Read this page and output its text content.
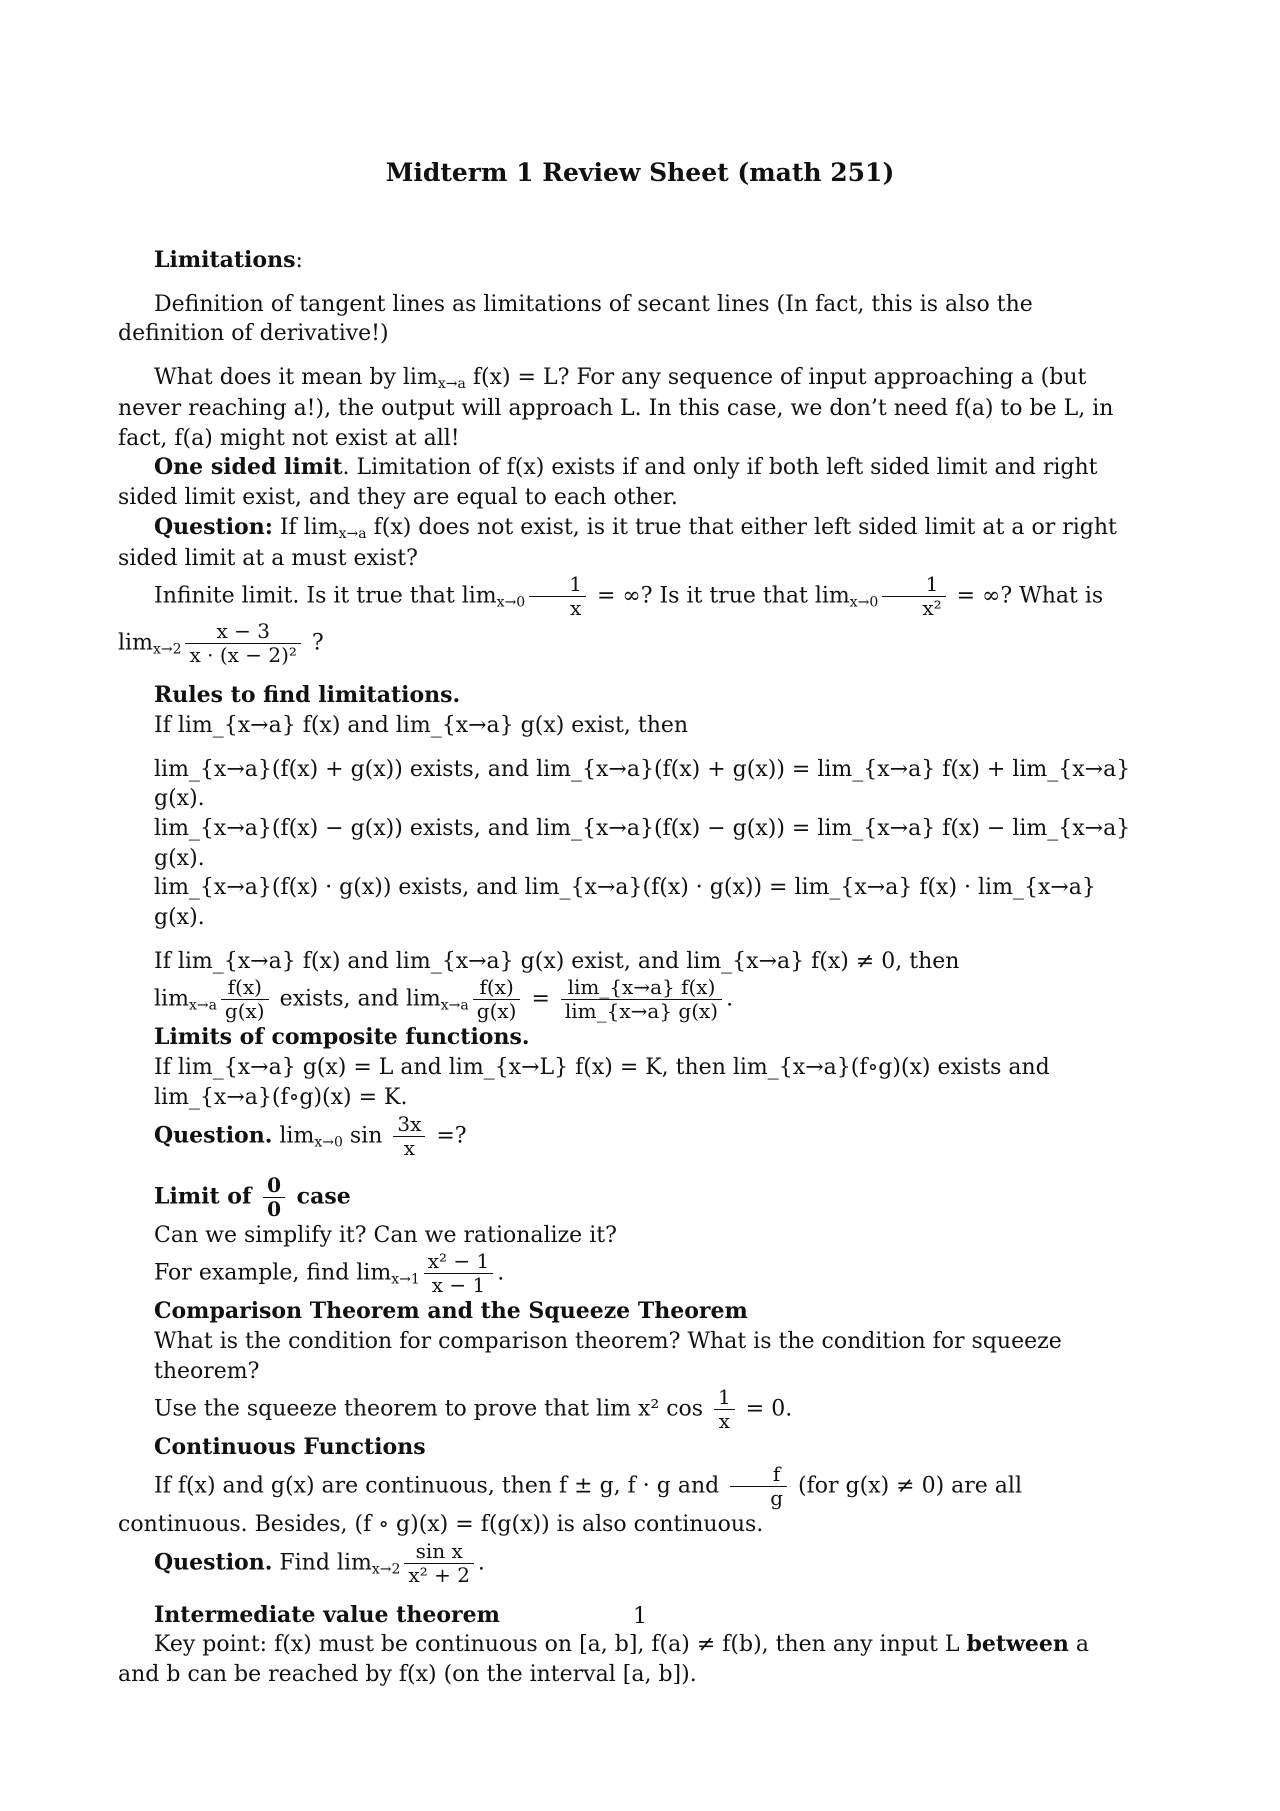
Midterm 1 Review Sheet (math 251)

Limitations:

Definition of tangent lines as limitations of secant lines (In fact, this is also the definition of derivative!)

What does it mean by $\lim_{x\to a} f(x) = L$? For any sequence of input approaching a (but never reaching a!), the output will approach L. In this case, we don’t need f(a) to be L, in fact, f(a) might not exist at all!

One sided limit. Limitation of f(x) exists if and only if both left sided limit and right sided limit exist, and they are equal to each other.

Question: If $\lim_{x\to a} f(x)$ does not exist, is it true that either left sided limit at a or right sided limit at a must exist?

Infinite limit. Is it true that $\lim_{x\to 0} \frac{1}{x}$ = ∞? Is it true that $\lim_{x\to 0} \frac{1}{\text{x²}}$ = ∞? What is

$\lim_{x\to 2} \frac{x - 3}{\text{x · (x − 2)²}}$ ?

Rules to find limitations.

If lim_{x→a} f(x) and lim_{x→a} g(x) exist, then

lim_{x→a}(f(x) + g(x)) exists, and lim_{x→a}(f(x) + g(x)) = lim_{x→a} f(x) + lim_{x→a} g(x).

lim_{x→a}(f(x) − g(x)) exists, and lim_{x→a}(f(x) − g(x)) = lim_{x→a} f(x) − lim_{x→a} g(x).

lim_{x→a}(f(x) · g(x)) exists, and lim_{x→a}(f(x) · g(x)) = lim_{x→a} f(x) · lim_{x→a} g(x).

If lim_{x→a} f(x) and lim_{x→a} g(x) exist, and lim_{x→a} f(x) ≠ 0, then

$\lim_{x\to a} \frac{f(x)}{g(x)}$ exists, and $\lim_{x\to a} \frac{f(x)}{g(x)} = \frac{\lim\_\{x\to a\} f(x)}{\lim\_\{x\to a\} g(x)}$ .

Limits of composite functions.

If lim_{x→a} g(x) = L and lim_{x→L} f(x) = K, then lim_{x→a}(f∘g)(x) exists and lim_{x→a}(f∘g)(x) = K.

Question. $\lim_{x\to 0} \sin \frac{3x}{x}$ =?

Limit of $\frac{0}{0}$ case

Can we simplify it? Can we rationalize it?

For example, find $\lim_{x\to 1} \frac{\text{x² − 1}}{x - 1}$ .

Comparison Theorem and the Squeeze Theorem

What is the condition for comparison theorem? What is the condition for squeeze theorem?

Use the squeeze theorem to prove that lim x² $\cos \frac{1}{x} = 0$.

Continuous Functions

If f(x) and g(x) are continuous, then f ± g, f · g and $\frac{f}{g} (for$ g(x) ≠ 0) are all continuous. Besides, (f ∘ g)(x) = f(g(x)) is also continuous.

Question. Find $\lim_{x\to 2} \frac{\text{sin x}}{\text{x² + 2}}$ .

Intermediate value theorem

Key point: f(x) must be continuous on [a, b], f(a) ≠ f(b), then any input L between a and b can be reached by f(x) (on the interval [a, b]).

1
